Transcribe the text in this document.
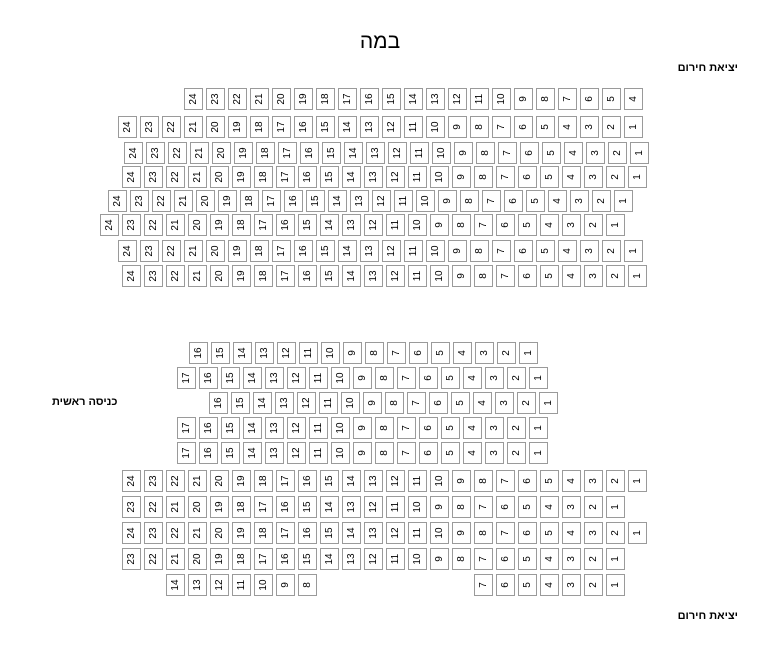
במה
יציאת חירום
יציאת חירום
כניסה ראשית
4
5
6
7
8
9
10
11
12
13
14
15
16
17
18
19
20
21
22
23
24
1
2
3
4
5
6
7
8
9
10
11
12
13
14
15
16
17
18
19
20
21
22
23
24
1
2
3
4
5
6
7
8
9
10
11
12
13
14
15
16
17
18
19
20
21
22
23
24
1
2
3
4
5
6
7
8
9
10
11
12
13
14
15
16
17
18
19
20
21
22
23
24
1
2
3
4
5
6
7
8
9
10
11
12
13
14
15
16
17
18
19
20
21
22
23
24
1
2
3
4
5
6
7
8
9
10
11
12
13
14
15
16
17
18
19
20
21
22
23
24
1
2
3
4
5
6
7
8
9
10
11
12
13
14
15
16
17
18
19
20
21
22
23
24
1
2
3
4
5
6
7
8
9
10
11
12
13
14
15
16
17
18
19
20
21
22
23
24
1
2
3
4
5
6
7
8
9
10
11
12
13
14
15
16
1
2
3
4
5
6
7
8
9
10
11
12
13
14
15
16
17
1
2
3
4
5
6
7
8
9
10
11
12
13
14
15
16
1
2
3
4
5
6
7
8
9
10
11
12
13
14
15
16
17
1
2
3
4
5
6
7
8
9
10
11
12
13
14
15
16
17
1
2
3
4
5
6
7
8
9
10
11
12
13
14
15
16
17
18
19
20
21
22
23
24
1
2
3
4
5
6
7
8
9
10
11
12
13
14
15
16
17
18
19
20
21
22
23
1
2
3
4
5
6
7
8
9
10
11
12
13
14
15
16
17
18
19
20
21
22
23
24
1
2
3
4
5
6
7
8
9
10
11
12
13
14
15
16
17
18
19
20
21
22
23
1
2
3
4
5
6
7
8
9
10
11
12
13
14
